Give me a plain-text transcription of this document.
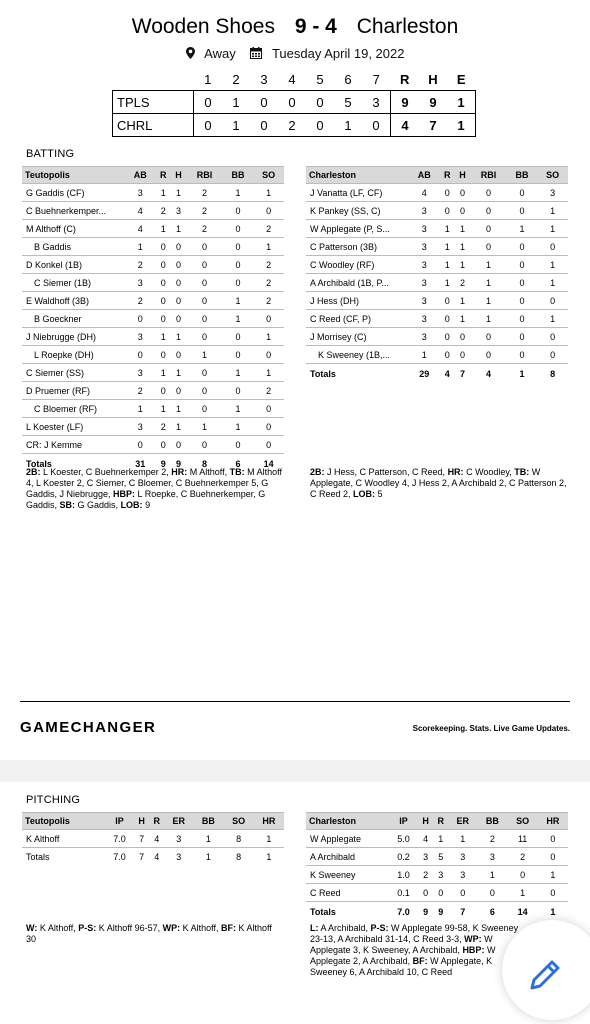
Wooden Shoes 9 - 4 Charleston
Away	Tuesday April 19, 2022
	1	2	3	4	5	6	7	R	H	E
TPLS	0	1	0	0	0	5	3	9	9	1
CHRL	0	1	0	2	0	1	0	4	7	1
BATTING
Teutopolis	AB	R	H	RBI	BB	SO
G Gaddis (CF)	3	1	1	2	1	1
C Buehnerkemper...	4	2	3	2	0	0
M Althoff (C)	4	1	1	2	0	2
B Gaddis	1	0	0	0	0	1
D Konkel (1B)	2	0	0	0	0	2
C Siemer (1B)	3	0	0	0	0	2
E Waldhoff (3B)	2	0	0	0	1	2
B Goeckner	0	0	0	0	1	0
J Niebrugge (DH)	3	1	1	0	0	1
L Roepke (DH)	0	0	0	1	0	0
C Siemer (SS)	3	1	1	0	1	1
D Pruemer (RF)	2	0	0	0	0	2
C Bloemer (RF)	1	1	1	0	1	0
L Koester (LF)	3	2	1	1	1	0
CR: J Kemme	0	0	0	0	0	0
Totals	31	9	9	8	6	14
Charleston	AB	R	H	RBI	BB	SO
J Vanatta (LF, CF)	4	0	0	0	0	3
K Pankey (SS, C)	3	0	0	0	0	1
W Applegate (P, S...	3	1	1	0	1	1
C Patterson (3B)	3	1	1	0	0	0
C Woodley (RF)	3	1	1	1	0	1
A Archibald (1B, P...	3	1	2	1	0	1
J Hess (DH)	3	0	1	1	0	0
C Reed (CF, P)	3	0	1	1	0	1
J Morrisey (C)	3	0	0	0	0	0
K Sweeney (1B,...	1	0	0	0	0	0
Totals	29	4	7	4	1	8
2B: L Koester, C Buehnerkemper 2, HR: M Althoff, TB: M Althoff 4, L Koester 2, C Siemer, C Bloemer, C Buehnerkemper 5, G Gaddis, J Niebrugge, HBP: L Roepke, C Buehnerkemper, G Gaddis, SB: G Gaddis, LOB: 9
2B: J Hess, C Patterson, C Reed, HR: C Woodley, TB: W Applegate, C Woodley 4, J Hess 2, A Archibald 2, C Patterson 2, C Reed 2, LOB: 5
GAMECHANGER	Scorekeeping. Stats. Live Game Updates.
PITCHING
Teutopolis	IP	H	R	ER	BB	SO	HR
K Althoff	7.0	7	4	3	1	8	1
Totals	7.0	7	4	3	1	8	1
Charleston	IP	H	R	ER	BB	SO	HR
W Applegate	5.0	4	1	1	2	11	0
A Archibald	0.2	3	5	3	3	2	0
K Sweeney	1.0	2	3	3	1	0	1
C Reed	0.1	0	0	0	0	1	0
Totals	7.0	9	9	7	6	14	1
W: K Althoff, P-S: K Althoff 96-57, WP: K Althoff, BF: K Althoff 30
L: A Archibald, P-S: W Applegate 99-58, K Sweeney 23-13, A Archibald 31-14, C Reed 3-3, WP: W Applegate 3, K Sweeney, A Archibald, HBP: W Applegate 2, A Archibald, BF: W Applegate, K Sweeney 6, A Archibald 10, C Reed
